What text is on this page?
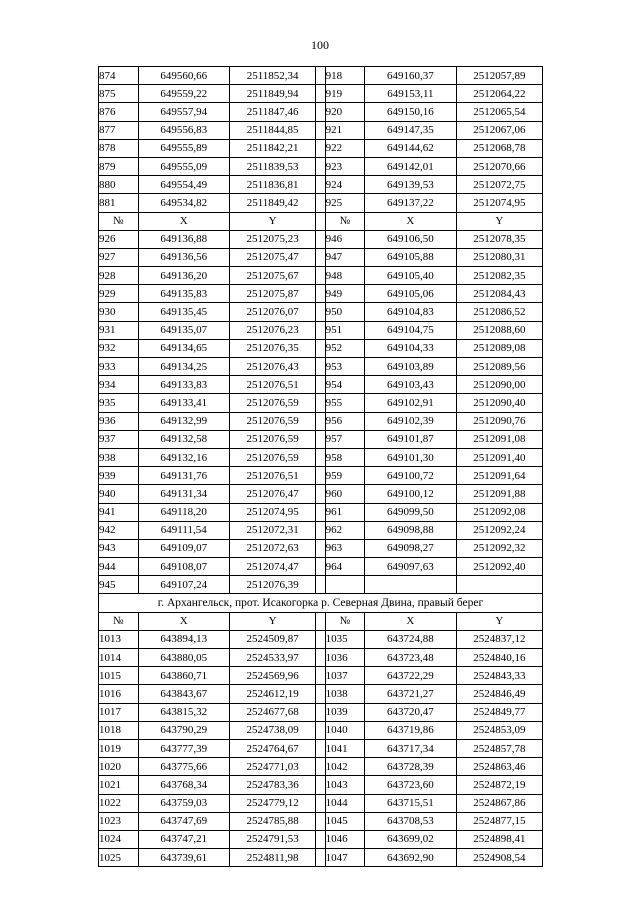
100
874	649560,66	2511852,34		918	649160,37	2512057,89
875	649559,22	2511849,94		919	649153,11	2512064,22
876	649557,94	2511847,46		920	649150,16	2512065,54
877	649556,83	2511844,85		921	649147,35	2512067,06
878	649555,89	2511842,21		922	649144,62	2512068,78
879	649555,09	2511839,53		923	649142,01	2512070,66
880	649554,49	2511836,81		924	649139,53	2512072,75
881	649534,82	2511849,42		925	649137,22	2512074,95
№	X	Y		№	X	Y
926	649136,88	2512075,23		946	649106,50	2512078,35
927	649136,56	2512075,47		947	649105,88	2512080,31
928	649136,20	2512075,67		948	649105,40	2512082,35
929	649135,83	2512075,87		949	649105,06	2512084,43
930	649135,45	2512076,07		950	649104,83	2512086,52
931	649135,07	2512076,23		951	649104,75	2512088,60
932	649134,65	2512076,35		952	649104,33	2512089,08
933	649134,25	2512076,43		953	649103,89	2512089,56
934	649133,83	2512076,51		954	649103,43	2512090,00
935	649133,41	2512076,59		955	649102,91	2512090,40
936	649132,99	2512076,59		956	649102,39	2512090,76
937	649132,58	2512076,59		957	649101,87	2512091,08
938	649132,16	2512076,59		958	649101,30	2512091,40
939	649131,76	2512076,51		959	649100,72	2512091,64
940	649131,34	2512076,47		960	649100,12	2512091,88
941	649118,20	2512074,95		961	649099,50	2512092,08
942	649111,54	2512072,31		962	649098,88	2512092,24
943	649109,07	2512072,63		963	649098,27	2512092,32
944	649108,07	2512074,47		964	649097,63	2512092,40
945	649107,24	2512076,39				
г. Архангельск, прот. Исакогорка р. Северная Двина, правый берег						
№	X	Y		№	X	Y
1013	643894,13	2524509,87		1035	643724,88	2524837,12
1014	643880,05	2524533,97		1036	643723,48	2524840,16
1015	643860,71	2524569,96		1037	643722,29	2524843,33
1016	643843,67	2524612,19		1038	643721,27	2524846,49
1017	643815,32	2524677,68		1039	643720,47	2524849,77
1018	643790,29	2524738,09		1040	643719,86	2524853,09
1019	643777,39	2524764,67		1041	643717,34	2524857,78
1020	643775,66	2524771,03		1042	643728,39	2524863,46
1021	643768,34	2524783,36		1043	643723,60	2524872,19
1022	643759,03	2524779,12		1044	643715,51	2524867,86
1023	643747,69	2524785,88		1045	643708,53	2524877,15
1024	643747,21	2524791,53		1046	643699,02	2524898,41
1025	643739,61	2524811,98		1047	643692,90	2524908,54
